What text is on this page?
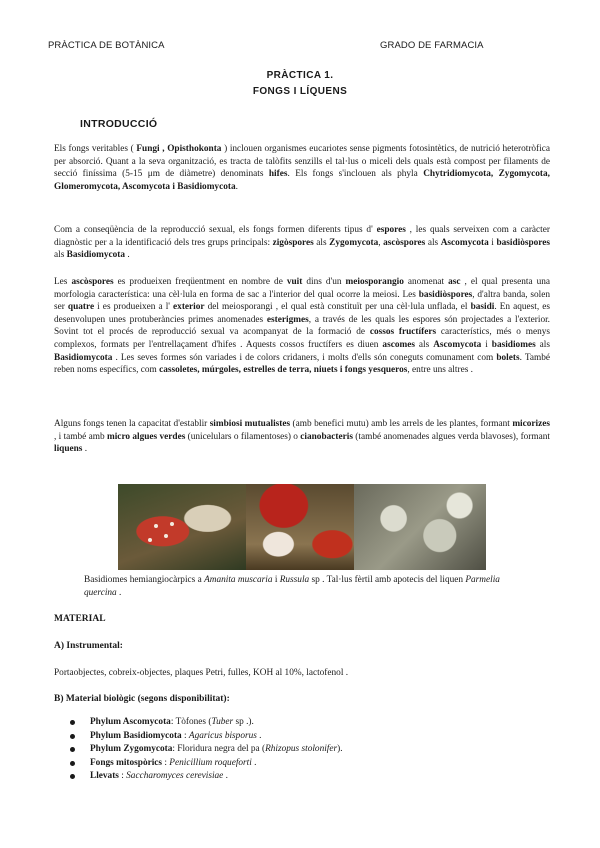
PRÀCTICA DE BOTÀNICA	GRADO DE FARMACIA
PRÀCTICA 1.
FONGS I LÍQUENS
INTRODUCCIÓ

Els fongs veritables ( Fungi , Opisthokonta ) inclouen organismes eucariotes sense pigments fotosintètics, de nutrició heterotròfica per absorció. Quant a la seva organització, es tracta de talòfits senzills el tal·lus o miceli dels quals està compost per filaments de secció finíssima (5-15 μm de diàmetre) denominats hifes. Els fongs s'inclouen als phyla Chytridiomycota, Zygomycota, Glomeromycota, Ascomycota i Basidiomycota.

Com a conseqüència de la reproducció sexual, els fongs formen diferents tipus d' espores , les quals serveixen com a caràcter diagnòstic per a la identificació dels tres grups principals: zigòspores als Zygomycota, ascòspores als Ascomycota i basidiòspores als Basidiomycota .

Les ascòspores es produeixen freqüentment en nombre de vuit dins d'un meiosporangio anomenat asc , el qual presenta una morfologia característica: una cèl·lula en forma de sac a l'interior del qual ocorre la meiosi. Les basidiòspores, d'altra banda, solen ser quatre i es produeixen a l' exterior del meiosporangi , el qual està constituït per una cèl·lula unflada, el basidi. En aquest, es desenvolupen unes protuberàncies primes anomenades esterigmes, a través de les quals les espores són projectades a l'exterior. Sovint tot el procés de reproducció sexual va acompanyat de la formació de cossos fructífers característics, més o menys complexos, formats per l'entrellaçament d'hifes . Aquests cossos fructífers es diuen ascomes als Ascomycota i basidiomes als Basidiomycota . Les seves formes són variades i de colors cridaners, i molts d'ells són coneguts comunament com bolets. També reben noms específics, com cassoletes, múrgoles, estrelles de terra, niuets i fongs yesqueros, entre uns altres .

Alguns fongs tenen la capacitat d'establir simbiosi mutualistes (amb benefici mutu) amb les arrels de les plantes, formant micorizes , i també amb micro algues verdes (unicelulars o filamentoses) o cianobacteris (també anomenades algues verda blavoses), formant liquens .

Basidiomes hemiangiocàrpics a Amanita muscaria i Russula sp . Tal·lus fèrtil amb apotecis del liquen Parmelia quercina .

MATERIAL
A) Instrumental:
Portaobjectes, cobreix-objectes, plaques Petri, fulles, KOH al 10%, lactofenol .
B) Material biològic (segons disponibilitat):
Phylum Ascomycota: Tòfones (Tuber sp .).
Phylum Basidiomycota : Agaricus bisporus .
Phylum Zygomycota: Floridura negra del pa (Rhizopus stolonifer).
Fongs mitospòrics : Penicillium roqueforti .
Llevats : Saccharomyces cerevisiae .
